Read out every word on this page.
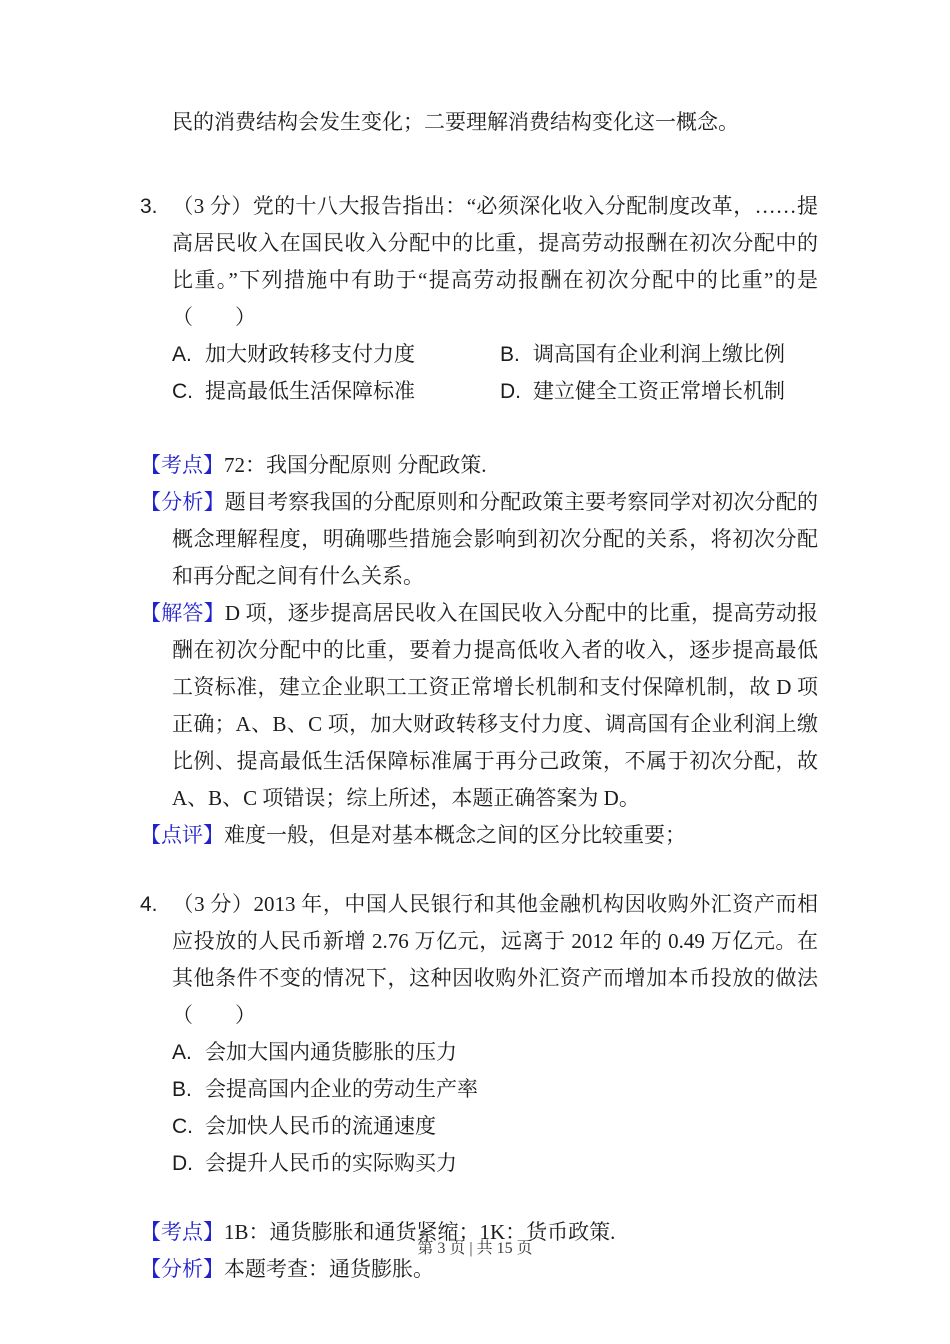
民的消费结构会发生变化；二要理解消费结构变化这一概念。

3. （3 分）党的十八大报告指出：“必须深化收入分配制度改革，……提高居民收入在国民收入分配中的比重，提高劳动报酬在初次分配中的比重。”下列措施中有助于“提高劳动报酬在初次分配中的比重”的是（　　）
A. 加大财政转移支付力度	B. 调高国有企业利润上缴比例
C. 提高最低生活保障标准	D. 建立健全工资正常增长机制
【考点】72：我国分配原则 分配政策.
【分析】题目考察我国的分配原则和分配政策主要考察同学对初次分配的概念理解程度，明确哪些措施会影响到初次分配的关系，将初次分配和再分配之间有什么关系。
【解答】D 项，逐步提高居民收入在国民收入分配中的比重，提高劳动报酬在初次分配中的比重，要着力提高低收入者的收入，逐步提高最低工资标准，建立企业职工工资正常增长机制和支付保障机制，故 D 项正确；A、B、C 项，加大财政转移支付力度、调高国有企业利润上缴比例、提高最低生活保障标准属于再分己政策，不属于初次分配，故 A、B、C 项错误；综上所述，本题正确答案为 D。
【点评】难度一般，但是对基本概念之间的区分比较重要；
4. （3 分）2013 年，中国人民银行和其他金融机构因收购外汇资产而相应投放的人民币新增 2.76 万亿元，远离于 2012 年的 0.49 万亿元。在其他条件不变的情况下，这种因收购外汇资产而增加本币投放的做法（　　）
A. 会加大国内通货膨胀的压力
B. 会提高国内企业的劳动生产率
C. 会加快人民币的流通速度
D. 会提升人民币的实际购买力
【考点】1B：通货膨胀和通货紧缩；1K：货币政策.
【分析】本题考查：通货膨胀。
第 3 页 | 共 15 页
